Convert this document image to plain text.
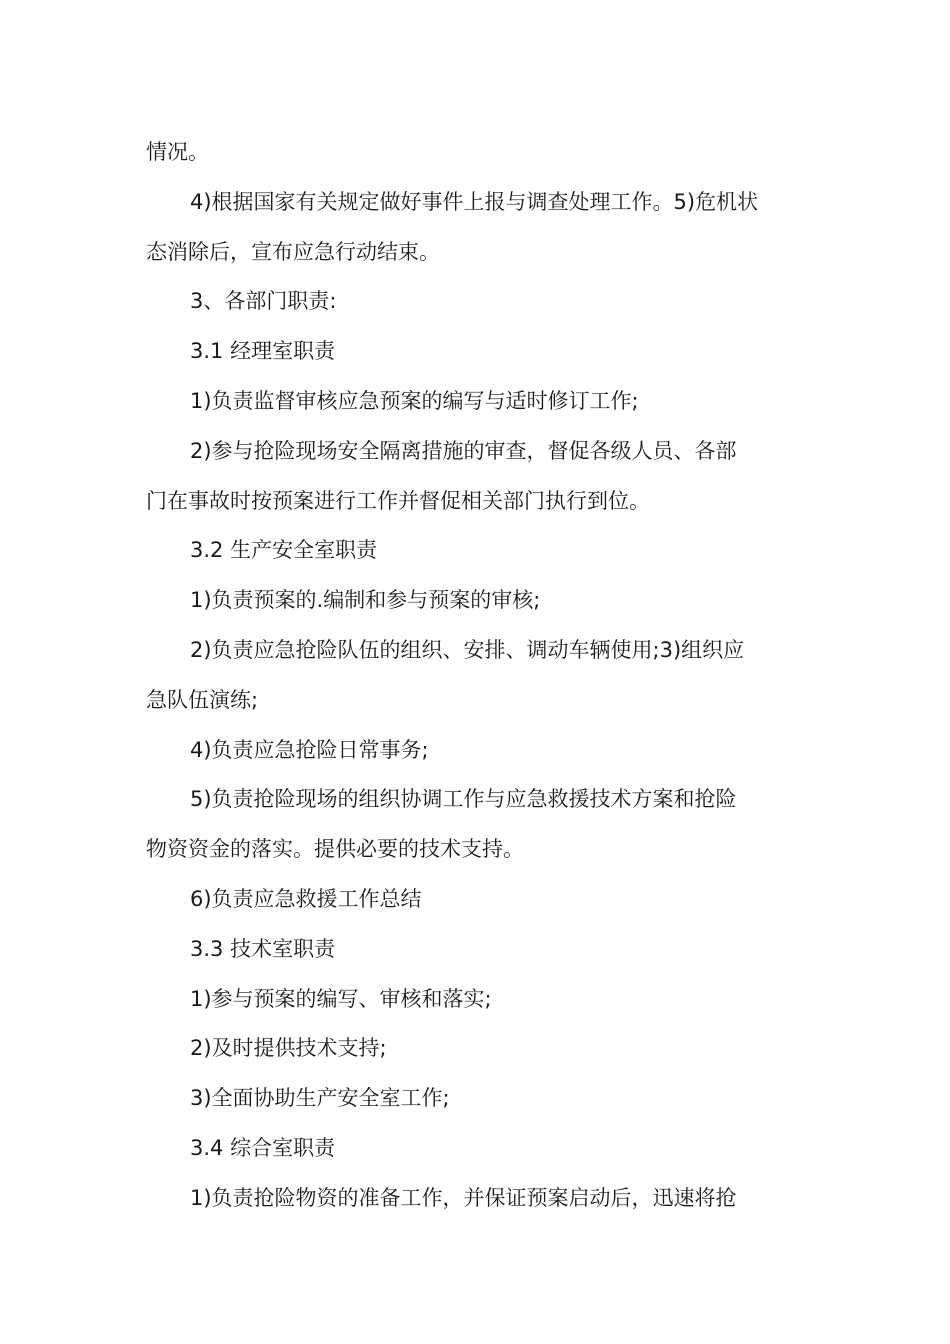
情况。

4)根据国家有关规定做好事件上报与调查处理工作。5)危机状

态消除后，宣布应急行动结束。

3、各部门职责:

3.1 经理室职责

1)负责监督审核应急预案的编写与适时修订工作;

2)参与抢险现场安全隔离措施的审查，督促各级人员、各部

门在事故时按预案进行工作并督促相关部门执行到位。

3.2 生产安全室职责

1)负责预案的.编制和参与预案的审核;

2)负责应急抢险队伍的组织、安排、调动车辆使用;3)组织应

急队伍演练;

4)负责应急抢险日常事务;

5)负责抢险现场的组织协调工作与应急救援技术方案和抢险

物资资金的落实。提供必要的技术支持。

6)负责应急救援工作总结

3.3 技术室职责

1)参与预案的编写、审核和落实;

2)及时提供技术支持;

3)全面协助生产安全室工作;

3.4 综合室职责

1)负责抢险物资的准备工作，并保证预案启动后，迅速将抢
